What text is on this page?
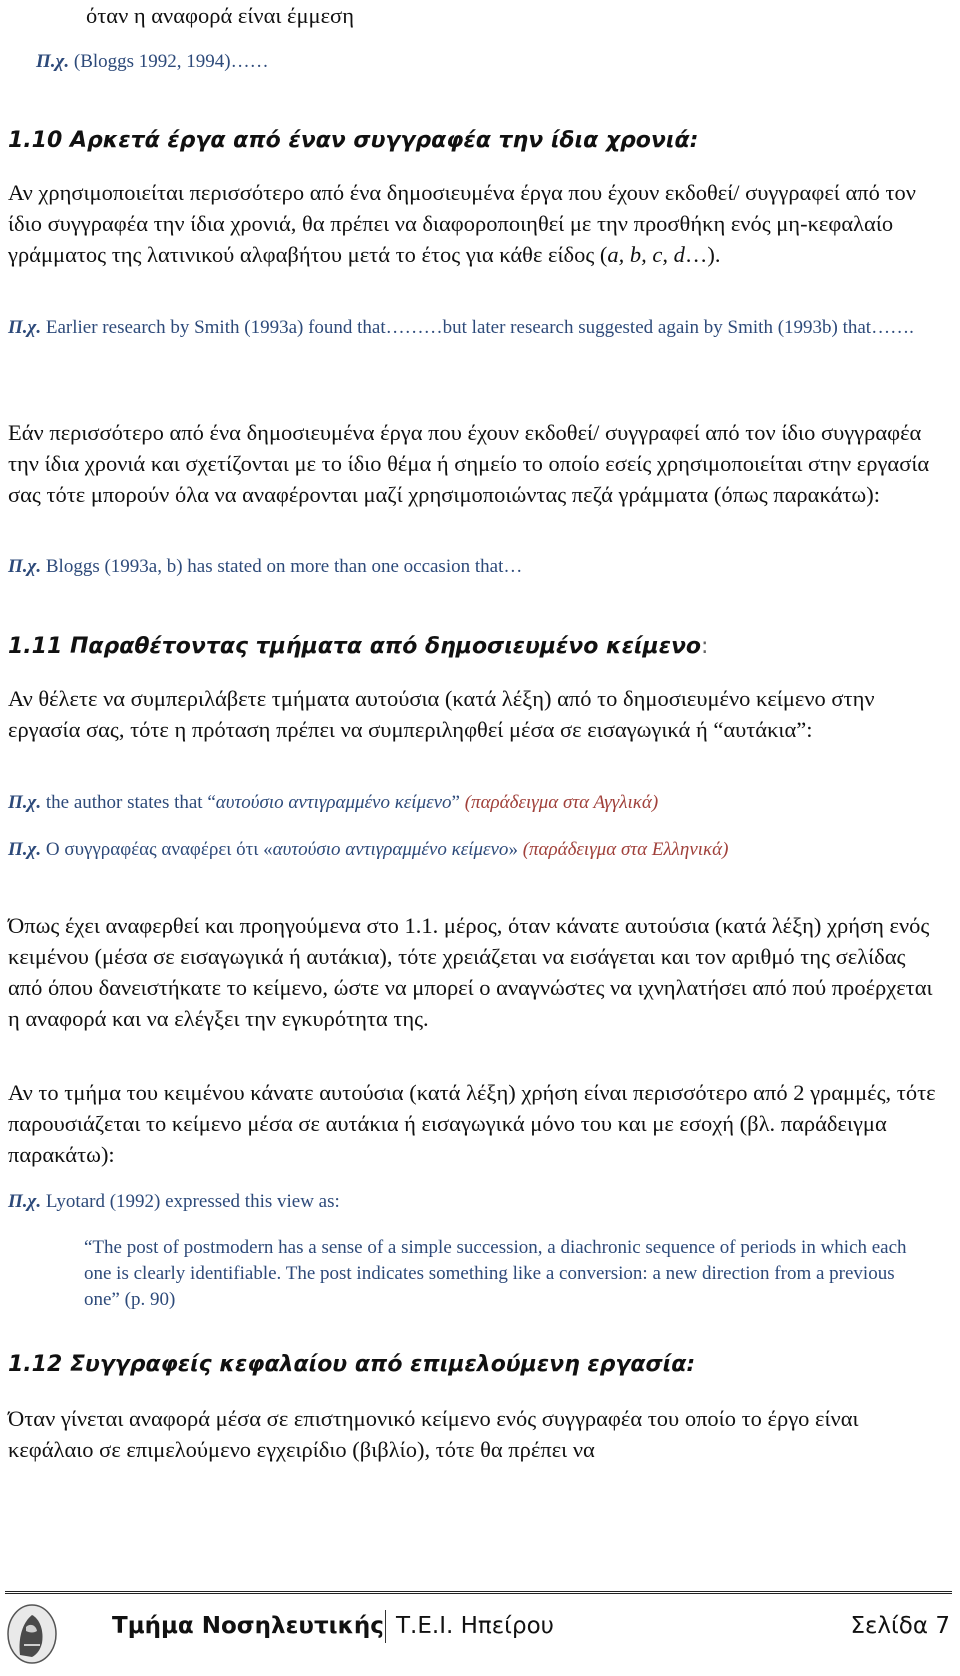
όταν η αναφορά είναι έμμεση

Π.χ. (Bloggs 1992, 1994)……

1.10 Αρκετά έργα από έναν συγγραφέα την ίδια χρονιά:

Αν χρησιμοποιείται περισσότερο από ένα δημοσιευμένα έργα που έχουν εκδοθεί/ συγγραφεί από τον ίδιο συγγραφέα την ίδια χρονιά, θα πρέπει να διαφοροποιηθεί με την προσθήκη ενός μη-κεφαλαίο γράμματος της λατινικού αλφαβήτου μετά το έτος για κάθε είδος (a, b, c, d…).

Π.χ. Earlier research by Smith (1993a) found that………but later research suggested again by Smith (1993b) that…….

Εάν περισσότερο από ένα δημοσιευμένα έργα που έχουν εκδοθεί/ συγγραφεί από τον ίδιο συγγραφέα την ίδια χρονιά και σχετίζονται με το ίδιο θέμα ή σημείο το οποίο εσείς χρησιμοποιείται στην εργασία σας τότε μπορούν όλα να αναφέρονται μαζί χρησιμοποιώντας πεζά γράμματα (όπως παρακάτω):

Π.χ. Bloggs (1993a, b) has stated on more than one occasion that…

1.11 Παραθέτοντας τμήματα από δημοσιευμένο κείμενο:

Αν θέλετε να συμπεριλάβετε τμήματα αυτούσια (κατά λέξη) από το δημοσιευμένο κείμενο στην εργασία σας, τότε η πρόταση πρέπει να συμπεριληφθεί μέσα σε εισαγωγικά ή “αυτάκια”:

Π.χ. the author states that “αυτούσιο αντιγραμμένο κείμενο” (παράδειγμα στα Αγγλικά)

Π.χ. Ο συγγραφέας αναφέρει ότι «αυτούσιο αντιγραμμένο κείμενο» (παράδειγμα στα Ελληνικά)

Όπως έχει αναφερθεί και προηγούμενα στο 1.1. μέρος, όταν κάνατε αυτούσια (κατά λέξη) χρήση ενός κειμένου (μέσα σε εισαγωγικά ή αυτάκια), τότε χρειάζεται να εισάγεται και τον αριθμό της σελίδας από όπου δανειστήκατε το κείμενο, ώστε να μπορεί ο αναγνώστες να ιχνηλατήσει από πού προέρχεται η αναφορά και να ελέγξει την εγκυρότητα της.

Αν το τμήμα του κειμένου κάνατε αυτούσια (κατά λέξη) χρήση είναι περισσότερο από 2 γραμμές, τότε παρουσιάζεται το κείμενο μέσα σε αυτάκια ή εισαγωγικά μόνο του και με εσοχή (βλ. παράδειγμα παρακάτω):

Π.χ. Lyotard (1992) expressed this view as:

“The post of postmodern has a sense of a simple succession, a diachronic sequence of periods in which each one is clearly identifiable. The post indicates something like a conversion: a new direction from a previous one” (p. 90)

1.12 Συγγραφείς κεφαλαίου από επιμελούμενη εργασία:

Όταν γίνεται αναφορά μέσα σε επιστημονικό κείμενο ενός συγγραφέα του οποίο το έργο είναι κεφάλαιο σε επιμελούμενο εγχειρίδιο (βιβλίο), τότε θα πρέπει να

Τμήμα Νοσηλευτικής Τ.Ε.Ι. Ηπείρου	Σελίδα 7
